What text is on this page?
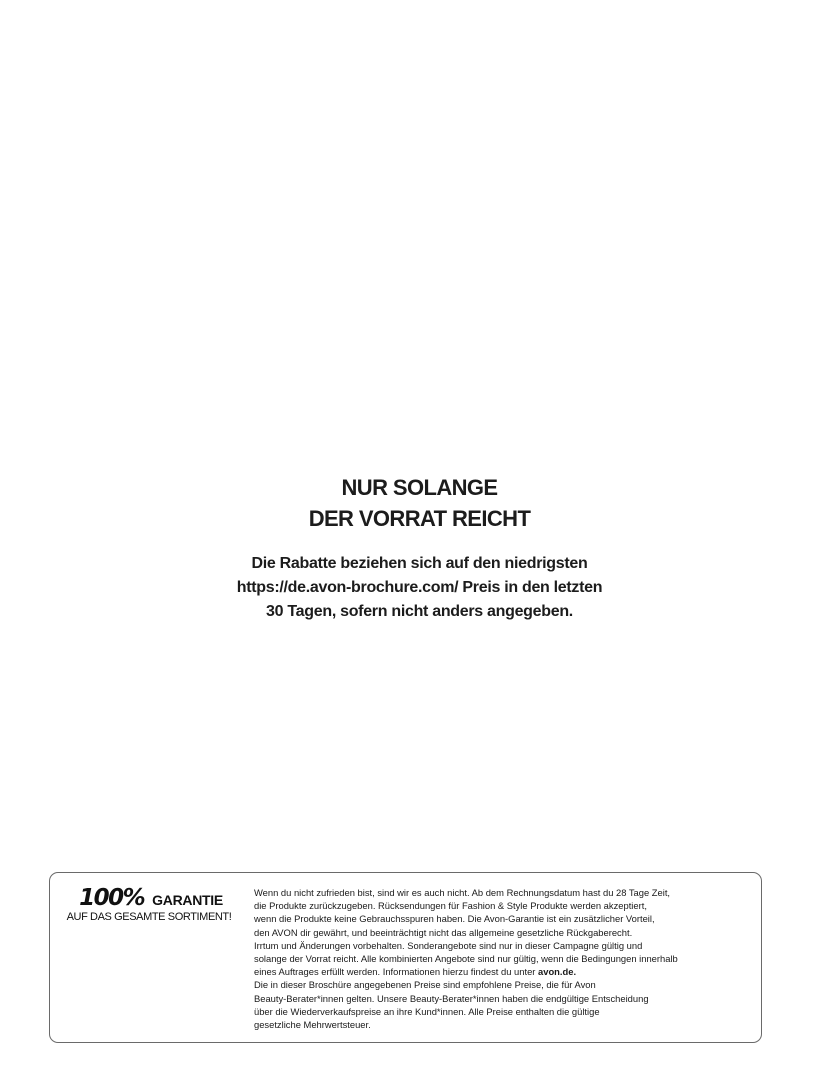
NUR SOLANGE
DER VORRAT REICHT
Die Rabatte beziehen sich auf den niedrigsten
https://de.avon-brochure.com/ Preis in den letzten
30 Tagen, sofern nicht anders angegeben.
100% GARANTIE
AUF DAS GESAMTE SORTIMENT!
Wenn du nicht zufrieden bist, sind wir es auch nicht. Ab dem Rechnungsdatum hast du 28 Tage Zeit,
die Produkte zurückzugeben. Rücksendungen für Fashion & Style Produkte werden akzeptiert,
wenn die Produkte keine Gebrauchsspuren haben. Die Avon-Garantie ist ein zusätzlicher Vorteil,
den AVON dir gewährt, und beeinträchtigt nicht das allgemeine gesetzliche Rückgaberecht.
Irrtum und Änderungen vorbehalten. Sonderangebote sind nur in dieser Campagne gültig und
solange der Vorrat reicht. Alle kombinierten Angebote sind nur gültig, wenn die Bedingungen innerhalb
eines Auftrages erfüllt werden. Informationen hierzu findest du unter avon.de.
Die in dieser Broschüre angegebenen Preise sind empfohlene Preise, die für Avon
Beauty-Berater*innen gelten. Unsere Beauty-Berater*innen haben die endgültige Entscheidung
über die Wiederverkaufspreise an ihre Kund*innen. Alle Preise enthalten die gültige
gesetzliche Mehrwertsteuer.
